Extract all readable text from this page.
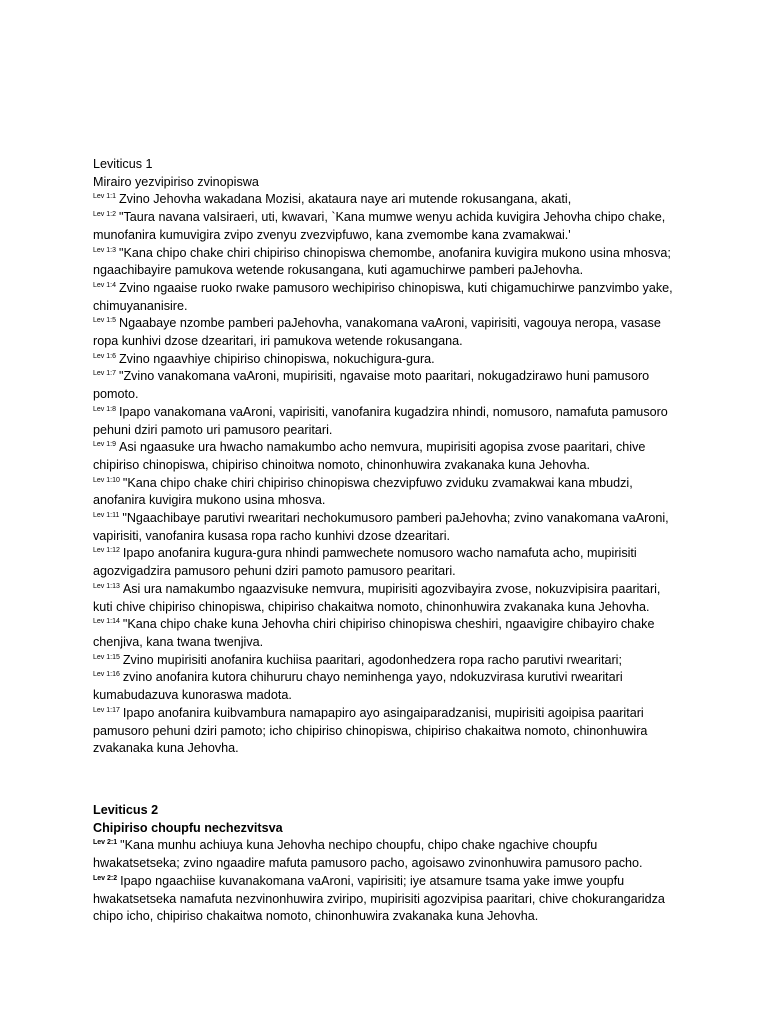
Leviticus 1
Mirairo yezvipiriso zvinopiswa
$^{Lev 1:1}$ Zvino Jehovha wakadana Mozisi, akataura naye ari mutende rokusangana, akati,
$^{Lev 1:2}$ "Taura navana vaIsiraeri, uti, kwavari, `Kana mumwe wenyu achida kuvigira Jehovha chipo chake, munofanira kumuvigira zvipo zvenyu zvezvipfuwo, kana zvemombe kana zvamakwai.'
$^{Lev 1:3}$ "Kana chipo chake chiri chipiriso chinopiswa chemombe, anofanira kuvigira mukono usina mhosva; ngaachibayire pamukova wetende rokusangana, kuti agamuchirwe pamberi paJehovha.
$^{Lev 1:4}$ Zvino ngaaise ruoko rwake pamusoro wechipiriso chinopiswa, kuti chigamuchirwe panzvimbo yake, chimuyananisire.
$^{Lev 1:5}$ Ngaabaye nzombe pamberi paJehovha, vanakomana vaAroni, vapirisiti, vagouya neropa, vasase ropa kunhivi dzose dzearitari, iri pamukova wetende rokusangana.
$^{Lev 1:6}$ Zvino ngaavhiye chipiriso chinopiswa, nokuchigura-gura.
$^{Lev 1:7}$ "Zvino vanakomana vaAroni, mupirisiti, ngavaise moto paaritari, nokugadzirawo huni pamusoro pomoto.
$^{Lev 1:8}$ Ipapo vanakomana vaAroni, vapirisiti, vanofanira kugadzira nhindi, nomusoro, namafuta pamusoro pehuni dziri pamoto uri pamusoro pearitari.
$^{Lev 1:9}$ Asi ngaasuke ura hwacho namakumbo acho nemvura, mupirisiti agopisa zvose paaritari, chive chipiriso chinopiswa, chipiriso chinoitwa nomoto, chinonhuwira zvakanaka kuna Jehovha.
$^{Lev 1:10}$ "Kana chipo chake chiri chipiriso chinopiswa chezvipfuwo zviduku zvamakwai kana mbudzi, anofanira kuvigira mukono usina mhosva.
$^{Lev 1:11}$ "Ngaachibaye parutivi rwearitari nechokumusoro pamberi paJehovha; zvino vanakomana vaAroni, vapirisiti, vanofanira kusasa ropa racho kunhivi dzose dzearitari.
$^{Lev 1:12}$ Ipapo anofanira kugura-gura nhindi pamwechete nomusoro wacho namafuta acho, mupirisiti agozvigadzira pamusoro pehuni dziri pamoto pamusoro pearitari.
$^{Lev 1:13}$ Asi ura namakumbo ngaazvisuke nemvura, mupirisiti agozvibayira zvose, nokuzvipisira paaritari, kuti chive chipiriso chinopiswa, chipiriso chakaitwa nomoto, chinonhuwira zvakanaka kuna Jehovha.
$^{Lev 1:14}$ "Kana chipo chake kuna Jehovha chiri chipiriso chinopiswa cheshiri, ngaavigire chibayiro chake chenjiva, kana twana twenjiva.
$^{Lev 1:15}$ Zvino mupirisiti anofanira kuchiisa paaritari, agodonhedzera ropa racho parutivi rwearitari;
$^{Lev 1:16}$ zvino anofanira kutora chihururu chayo neminhenga yayo, ndokuzvirasa kurutivi rwearitari kumabudazuva kunoraswa madota.
$^{Lev 1:17}$ Ipapo anofanira kuibvambura namapapiro ayo asingaiparadzanisi, mupirisiti agoipisa paaritari pamusoro pehuni dziri pamoto; icho chipiriso chinopiswa, chipiriso chakaitwa nomoto, chinonhuwira zvakanaka kuna Jehovha.
Leviticus 2
Chipiriso choupfu nechezvitsva
$^{Lev 2:1}$ "Kana munhu achiuya kuna Jehovha nechipo choupfu, chipo chake ngachive choupfu hwakatsetseka; zvino ngaadire mafuta pamusoro pacho, agoisawo zvinonhuwira pamusoro pacho.
$^{Lev 2:2}$ Ipapo ngaachiise kuvanakomana vaAroni, vapirisiti; iye atsamure tsama yake imwe youpfu hwakatsetseka namafuta nezvinonhuwira zviripo, mupirisiti agozvipisa paaritari, chive chokurangaridza chipo icho, chipiriso chakaitwa nomoto, chinonhuwira zvakanaka kuna Jehovha.
